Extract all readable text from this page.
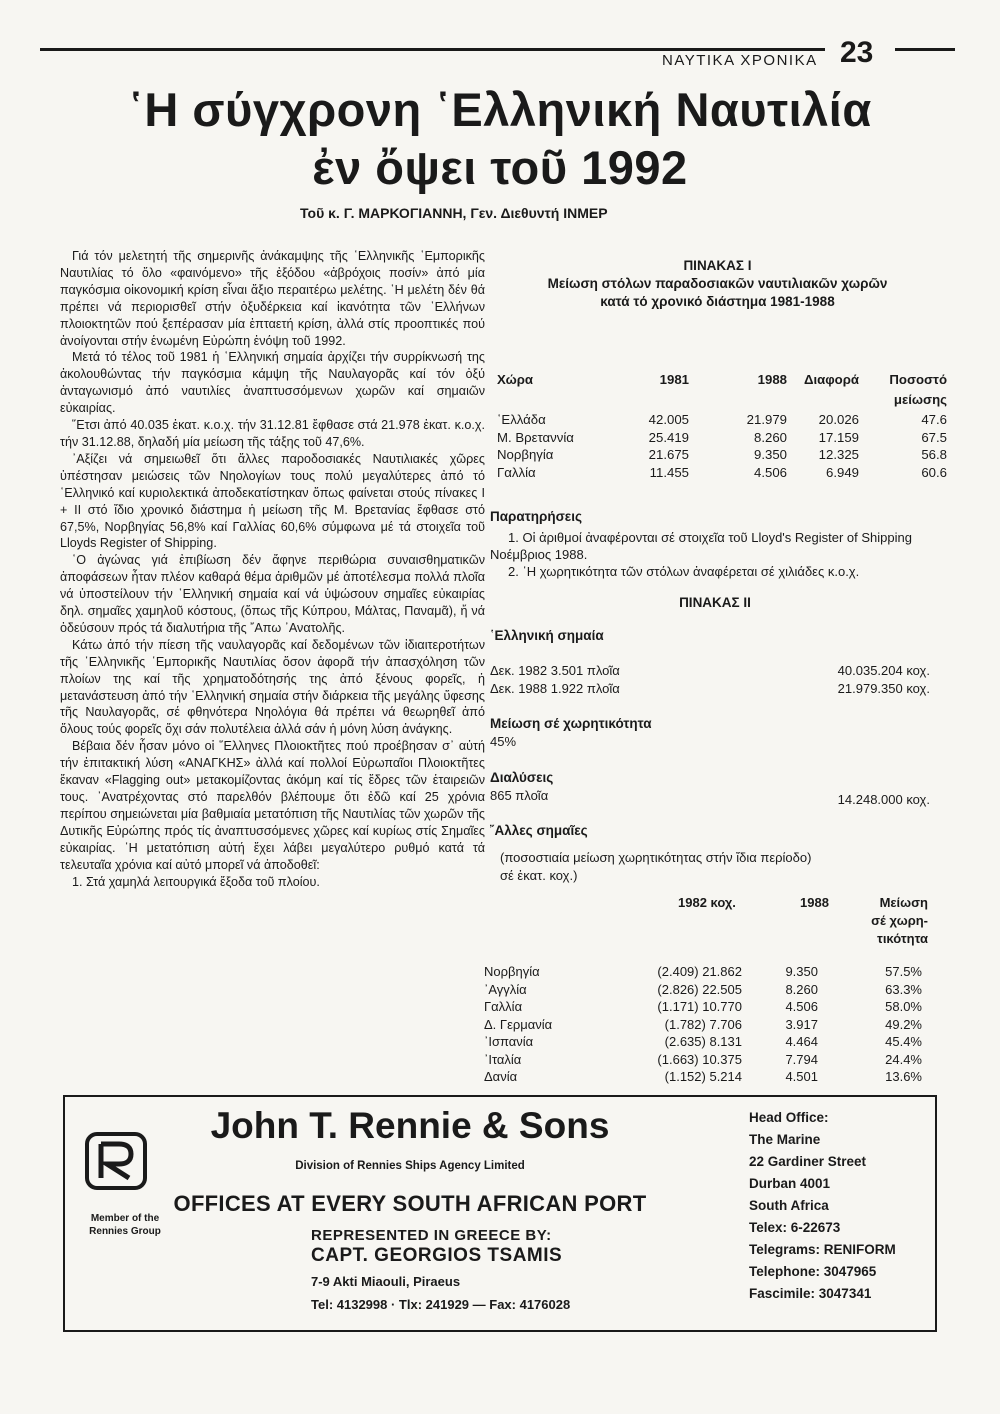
ΝΑΥΤΙΚΑ ΧΡΟΝΙΚΑ 23
῾Η σύγχρονη ῾Ελληνική Ναυτιλία
ἐν ὄψει τοῦ 1992
Τοῦ κ. Γ. ΜΑΡΚΟΓΙΑΝΝΗ, Γεν. Διεθυντή ΙΝΜΕΡ

Γιά τόν μελετητή τῆς σημερινῆς ἀνάκαμψης τῆς ῾Ελληνικῆς ῾Εμπορικῆς Ναυτιλίας τό ὅλο «φαινόμενο» τῆς ἐξόδου «ἀβρόχοις ποσίν» ἀπό μία παγκόσμια οἰκονομική κρίση εἶναι ἄξιο περαιτέρω μελέτης. ῾Η μελέτη δέν θά πρέπει νά περιορισθεῖ στήν ὀξυδέρκεια καί ἱκανότητα τῶν ῾Ελλήνων πλοιοκτητῶν πού ξεπέρασαν μία ἐπταετή κρίση, ἀλλά στίς προοπτικές πού ἀνοίγονται στήν ἑνωμένη Εὐρώπη ἐνόψη τοῦ 1992.

Μετά τό τέλος τοῦ 1981 ἡ ῾Ελληνική σημαία ἀρχίζει τήν συρρίκνωσή της ἀκολουθώντας τήν παγκόσμια κάμψη τῆς Ναυλαγορᾶς καί τόν ὀξύ ἀνταγωνισμό ἀπό ναυτιλίες ἀναπτυσσόμενων χωρῶν καί σημαιῶν εὐκαιρίας.

῞Ετσι ἀπό 40.035 ἑκατ. κ.ο.χ. τήν 31.12.81 ἔφθασε στά 21.978 ἑκατ. κ.ο.χ. τήν 31.12.88, δηλαδή μία μείωση τῆς τάξης τοῦ 47,6%.

᾿Αξίζει νά σημειωθεῖ ὅτι ἄλλες παροδοσιακές Ναυτιλιακές χῶρες ὑπέστησαν μειώσεις τῶν Νηολογίων τους πολύ μεγαλύτερες ἀπό τό ῾Ελληνικό καί κυριολεκτικά ἀποδεκατίστηκαν ὅπως φαίνεται στούς πίνακες Ι + ΙΙ στό ἴδιο χρονικό διάστημα ἡ μείωση τῆς Μ. Βρετανίας ἔφθασε στό 67,5%, Νορβηγίας 56,8% καί Γαλλίας 60,6% σύμφωνα μέ τά στοιχεῖα τοῦ Lloyds Register of Shipping.

῾Ο ἀγώνας γιά ἐπιβίωση δέν ἄφηνε περιθώρια συναισθηματικῶν ἀποφάσεων ἦταν πλέον καθαρά θέμα ἀριθμῶν μέ ἀποτέλεσμα πολλά πλοῖα νά ὑποστείλουν τήν ῾Ελληνική σημαία καί νά ὑψώσουν σημαῖες εὐκαιρίας δηλ. σημαῖες χαμηλοῦ κόστους, (ὅπως τῆς Κύπρου, Μάλτας, Παναμᾶ), ἤ νά ὁδεύσουν πρός τά διαλυτήρια τῆς ῎Απω ᾿Ανατολῆς.

Κάτω ἀπό τήν πίεση τῆς ναυλαγορᾶς καί δεδομένων τῶν ἰδιαιτεροτήτων τῆς ῾Ελληνικῆς ῾Εμπορικῆς Ναυτιλίας ὅσον ἀφορᾶ τήν ἀπασχόληση τῶν πλοίων της καί τῆς χρηματοδότησής της ἀπό ξένους φορεῖς, ἡ μετανάστευση ἀπό τήν ῾Ελληνική σημαία στήν διάρκεια τῆς μεγάλης ὕφεσης τῆς Ναυλαγορᾶς, σέ φθηνότερα Νηολόγια θά πρέπει νά θεωρηθεῖ ἀπό ὅλους τούς φορεῖς ὄχι σάν πολυτέλεια ἀλλά σάν ἡ μόνη λύση ἀνάγκης.

Βέβαια δέν ἦσαν μόνο οἱ ῞Ελληνες Πλοιοκτῆτες πού προέβησαν σ᾿ αὐτή τήν ἐπιτακτική λύση «ΑΝΑΓΚΗΣ» ἀλλά καί πολλοί Εὐρωπαῖοι Πλοιοκτῆτες ἔκαναν «Flagging out» μετακομίζοντας ἀκόμη καί τίς ἕδρες τῶν ἑταιρειῶν τους. ᾿Ανατρέχοντας στό παρελθόν βλέπουμε ὅτι ἐδῶ καί 25 χρόνια περίπου σημειώνεται μία βαθμιαία μετατόπιση τῆς Ναυτιλίας τῶν χωρῶν τῆς Δυτικῆς Εὐρώπης πρός τίς ἀναπτυσσόμενες χῶρες καί κυρίως στίς Σημαῖες εὐκαιρίας. ῾Η μετατόπιση αὐτή ἔχει λάβει μεγαλύτερο ρυθμό κατά τά τελευταῖα χρόνια καί αὐτό μπορεῖ νά ἀποδοθεῖ:

1. Στά χαμηλά λειτουργικά ἔξοδα τοῦ πλοίου.

ΠΙΝΑΚΑΣ Ι
Μείωση στόλων παραδοσιακῶν ναυτιλιακῶν χωρῶν
κατά τό χρονικό διάστημα 1981-1988
Χώρα	1981	1988 Διαφορά Ποσοστό
μείωσης
῾Ελλάδα	42.005	21.979 20.026	47.6
Μ. Βρεταννία	25.419	8.260 17.159	67.5
Νορβηγία	21.675	9.350 12.325	56.8
Γαλλία	11.455	4.506	6.949	60.6

Παρατηρήσεις

1. Οἱ ἀριθμοί ἀναφέρονται σέ στοιχεῖα τοῦ Lloyd's Register of Shipping Νοέμβριος 1988.

2. ῾Η χωρητικότητα τῶν στόλων ἀναφέρεται σέ χιλιάδες κ.ο.χ.

ΠΙΝΑΚΑΣ ΙΙ
῾Ελληνική σημαία
Δεκ. 1982 3.501 πλοῖα	40.035.204 κοχ.
Δεκ. 1988 1.922 πλοῖα	21.979.350 κοχ.
Μείωση σέ χωρητικότητα
45%
Διαλύσεις
865 πλοῖα	14.248.000 κοχ.
῎Αλλες σημαῖες
(ποσοστιαία μείωση χωρητικότητας στήν ἴδια περίοδο)
σέ ἑκατ. κοχ.)
1982 κοχ.	1988	Μείωση
σέ χωρη-
τικότητα
Νορβηγία	(2.409) 21.862	9.350	57.5%
᾿Αγγλία	(2.826) 22.505	8.260	63.3%
Γαλλία	(1.171) 10.770	4.506	58.0%
Δ. Γερμανία	(1.782) 7.706	3.917	49.2%
᾿Ισπανία	(2.635) 8.131	4.464	45.4%
᾿Ιταλία	(1.663) 10.375	7.794	24.4%
Δανία	(1.152) 5.214	4.501	13.6%
Member of the
Rennies Group
John T. Rennie & Sons
Division of Rennies Ships Agency Limited
OFFICES AT EVERY SOUTH AFRICAN PORT
REPRESENTED IN GREECE BY:
CAPT. GEORGIOS TSAMIS
7-9 Akti Miaouli, Piraeus
Tel: 4132998 · Tlx: 241929 — Fax: 4176028
Head Office:
The Marine
22 Gardiner Street
Durban 4001
South Africa
Telex: 6-22673
Telegrams: RENIFORM
Telephone: 3047965
Fascimile: 3047341
